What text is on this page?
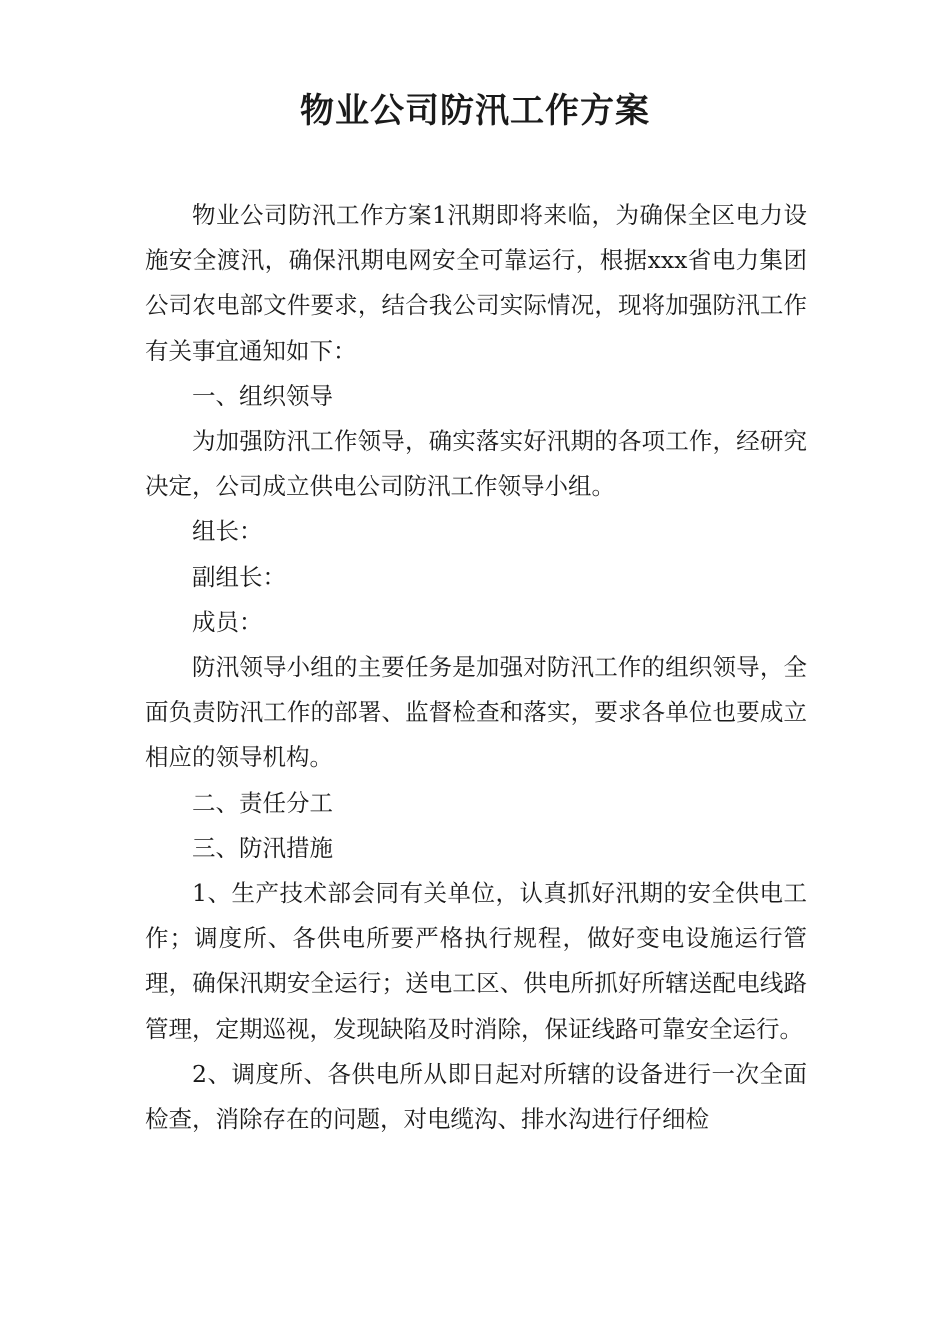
物业公司防汛工作方案

物业公司防汛工作方案1汛期即将来临，为确保全区电力设施安全渡汛，确保汛期电网安全可靠运行，根据xxx省电力集团公司农电部文件要求，结合我公司实际情况，现将加强防汛工作有关事宜通知如下：

一、组织领导

为加强防汛工作领导，确实落实好汛期的各项工作，经研究决定，公司成立供电公司防汛工作领导小组。

组长：

副组长：

成员：

防汛领导小组的主要任务是加强对防汛工作的组织领导，全面负责防汛工作的部署、监督检查和落实，要求各单位也要成立相应的领导机构。

二、责任分工

三、防汛措施

1、生产技术部会同有关单位，认真抓好汛期的安全供电工作；调度所、各供电所要严格执行规程，做好变电设施运行管理，确保汛期安全运行；送电工区、供电所抓好所辖送配电线路管理，定期巡视，发现缺陷及时消除，保证线路可靠安全运行。

2、调度所、各供电所从即日起对所辖的设备进行一次全面检查，消除存在的问题，对电缆沟、排水沟进行仔细检
